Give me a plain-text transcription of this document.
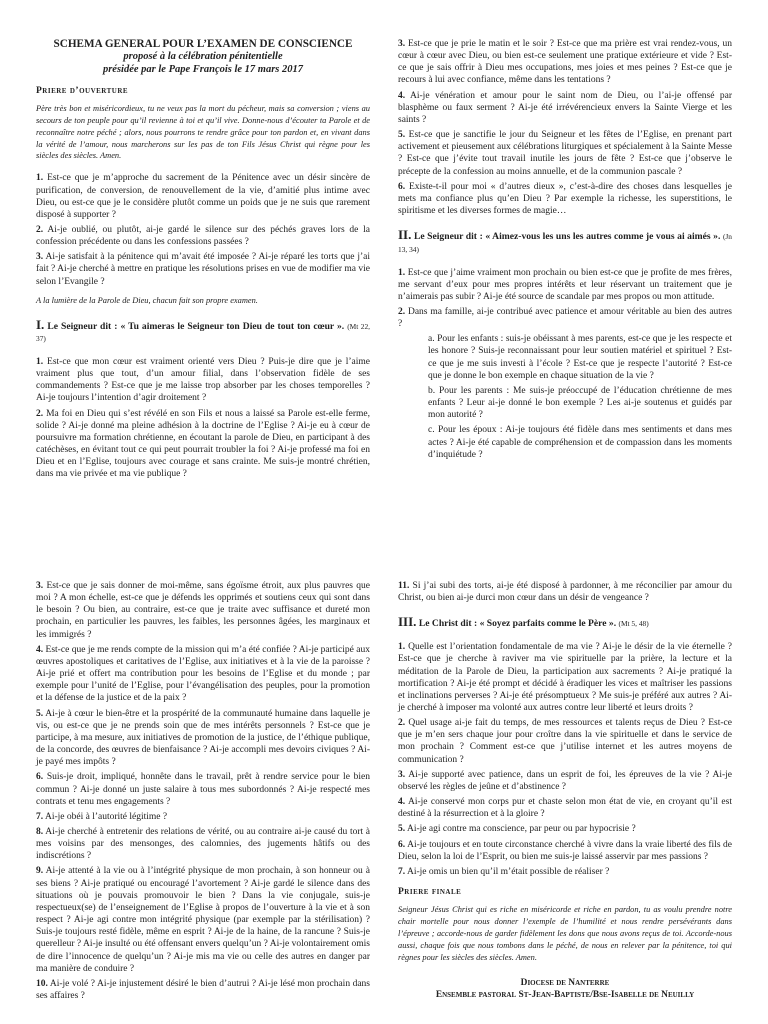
SCHEMA GENERAL POUR L’EXAMEN DE CONSCIENCE
proposé à la célébration pénitentielle
présidée par le Pape François le 17 mars 2017
Priere d’ouverture
Père très bon et miséricordieux, tu ne veux pas la mort du pécheur, mais sa conversion ; viens au secours de ton peuple pour qu’il revienne à toi et qu’il vive. Donne-nous d’écouter ta Parole et de reconnaître notre péché ; alors, nous pourrons te rendre grâce pour ton pardon et, en vivant dans la vérité de l’amour, nous marcherons sur les pas de ton Fils Jésus Christ qui règne pour les siècles des siècles. Amen.

1. Est-ce que je m’approche du sacrement de la Pénitence avec un désir sincère de purification, de conversion, de renouvellement de la vie, d’amitié plus intime avec Dieu, ou est-ce que je le considère plutôt comme un poids que je ne suis que rarement disposé à supporter ?

2. Ai-je oublié, ou plutôt, ai-je gardé le silence sur des péchés graves lors de la confession précédente ou dans les confessions passées ?

3. Ai-je satisfait à la pénitence qui m’avait été imposée ? Ai-je réparé les torts que j’ai fait ? Ai-je cherché à mettre en pratique les résolutions prises en vue de modifier ma vie selon l’Evangile ?

A la lumière de la Parole de Dieu, chacun fait son propre examen.
I. Le Seigneur dit : « Tu aimeras le Seigneur ton Dieu de tout ton cœur ». (Mt 22, 37)

1. Est-ce que mon cœur est vraiment orienté vers Dieu ? Puis-je dire que je l’aime vraiment plus que tout, d’un amour filial, dans l’observation fidèle de ses commandements ? Est-ce que je me laisse trop absorber par les choses temporelles ? Ai-je toujours l’intention d’agir droitement ?

2. Ma foi en Dieu qui s’est révélé en son Fils et nous a laissé sa Parole est-elle ferme, solide ? Ai-je donné ma pleine adhésion à la doctrine de l’Eglise ? Ai-je eu à cœur de poursuivre ma formation chrétienne, en écoutant la parole de Dieu, en participant à des catéchèses, en évitant tout ce qui peut pourrait troubler la foi ? Ai-je professé ma foi en Dieu et en l’Eglise, toujours avec courage et sans crainte. Me suis-je montré chrétien, dans ma vie privée et ma vie publique ?

3. Est-ce que je prie le matin et le soir ? Est-ce que ma prière est vrai rendez-vous, un cœur à cœur avec Dieu, ou bien est-ce seulement une pratique extérieure et vide ? Est-ce que je sais offrir à Dieu mes occupations, mes joies et mes peines ? Est-ce que je recours à lui avec confiance, même dans les tentations ?

4. Ai-je vénération et amour pour le saint nom de Dieu, ou l’ai-je offensé par blasphème ou faux serment ? Ai-je été irrévérencieux envers la Sainte Vierge et les saints ?

5. Est-ce que je sanctifie le jour du Seigneur et les fêtes de l’Eglise, en prenant part activement et pieusement aux célébrations liturgiques et spécialement à la Sainte Messe ? Est-ce que j’évite tout travail inutile les jours de fête ? Est-ce que j’observe le précepte de la confession au moins annuelle, et de la communion pascale ?

6. Existe-t-il pour moi « d’autres dieux », c’est-à-dire des choses dans lesquelles je mets ma confiance plus qu’en Dieu ? Par exemple la richesse, les superstitions, le spiritisme et les diverses formes de magie…

II. Le Seigneur dit : « Aimez-vous les uns les autres comme je vous ai aimés ». (Jn 13, 34)

1. Est-ce que j’aime vraiment mon prochain ou bien est-ce que je profite de mes frères, me servant d’eux pour mes propres intérêts et leur réservant un traitement que je n’aimerais pas subir ? Ai-je été source de scandale par mes propos ou mon attitude.

2. Dans ma famille, ai-je contribué avec patience et amour véritable au bien des autres ?

a. Pour les enfants : suis-je obéissant à mes parents, est-ce que je les respecte et les honore ? Suis-je reconnaissant pour leur soutien matériel et spirituel ? Est-ce que je me suis investi à l’école ? Est-ce que je respecte l’autorité ? Est-ce que je donne le bon exemple en chaque situation de la vie ?

b. Pour les parents : Me suis-je préoccupé de l’éducation chrétienne de mes enfants ? Leur ai-je donné le bon exemple ? Les ai-je soutenus et guidés par mon autorité ?

c. Pour les époux : Ai-je toujours été fidèle dans mes sentiments et dans mes actes ? Ai-je été capable de compréhension et de compassion dans les moments d’inquiétude ?

3. Est-ce que je sais donner de moi-même, sans égoïsme étroit, aux plus pauvres que moi ? A mon échelle, est-ce que je défends les opprimés et soutiens ceux qui sont dans le besoin ? Ou bien, au contraire, est-ce que je traite avec suffisance et dureté mon prochain, en particulier les pauvres, les faibles, les personnes âgées, les marginaux et les immigrés ?

4. Est-ce que je me rends compte de la mission qui m’a été confiée ? Ai-je participé aux œuvres apostoliques et caritatives de l’Eglise, aux initiatives et à la vie de la paroisse ? Ai-je prié et offert ma contribution pour les besoins de l’Eglise et du monde ; par exemple pour l’unité de l’Eglise, pour l’évangélisation des peuples, pour la promotion et la défense de la justice et de la paix ?

5. Ai-je à cœur le bien-être et la prospérité de la communauté humaine dans laquelle je vis, ou est-ce que je ne prends soin que de mes intérêts personnels ? Est-ce que je participe, à ma mesure, aux initiatives de promotion de la justice, de l’éthique publique, de la concorde, des œuvres de bienfaisance ? Ai-je accompli mes devoirs civiques ? Ai-je payé mes impôts ?

6. Suis-je droit, impliqué, honnête dans le travail, prêt à rendre service pour le bien commun ? Ai-je donné un juste salaire à tous mes subordonnés ? Ai-je respecté mes contrats et tenu mes engagements ?

7. Ai-je obéi à l’autorité légitime ?

8. Ai-je cherché à entretenir des relations de vérité, ou au contraire ai-je causé du tort à mes voisins par des mensonges, des calomnies, des jugements hâtifs ou des indiscrétions ?

9. Ai-je attenté à la vie ou à l’intégrité physique de mon prochain, à son honneur ou à ses biens ? Ai-je pratiqué ou encouragé l’avortement ? Ai-je gardé le silence dans des situations où je pouvais promouvoir le bien ? Dans la vie conjugale, suis-je respectueux(se) de l’enseignement de l’Eglise à propos de l’ouverture à la vie et à son respect ? Ai-je agi contre mon intégrité physique (par exemple par la stérilisation) ? Suis-je toujours resté fidèle, même en esprit ? Ai-je de la haine, de la rancune ? Suis-je querelleur ? Ai-je insulté ou été offensant envers quelqu’un ? Ai-je volontairement omis de dire l’innocence de quelqu’un ? Ai-je mis ma vie ou celle des autres en danger par ma manière de conduire ?

10. Ai-je volé ? Ai-je injustement désiré le bien d’autrui ? Ai-je lésé mon prochain dans ses affaires ?

11. Si j’ai subi des torts, ai-je été disposé à pardonner, à me réconcilier par amour du Christ, ou bien ai-je durci mon cœur dans un désir de vengeance ?

III. Le Christ dit : « Soyez parfaits comme le Père ». (Mt 5, 48)

1. Quelle est l’orientation fondamentale de ma vie ? Ai-je le désir de la vie éternelle ? Est-ce que je cherche à raviver ma vie spirituelle par la prière, la lecture et la méditation de la Parole de Dieu, la participation aux sacrements ? Ai-je pratiqué la mortification ? Ai-je été prompt et décidé à éradiquer les vices et maîtriser les passions et inclinations perverses ? Ai-je été présomptueux ? Me suis-je préféré aux autres ? Ai-je cherché à imposer ma volonté aux autres contre leur liberté et leurs droits ?

2. Quel usage ai-je fait du temps, de mes ressources et talents reçus de Dieu ? Est-ce que je m’en sers chaque jour pour croître dans la vie spirituelle et dans le service de mon prochain ? Comment est-ce que j’utilise internet et les autres moyens de communication ?

3. Ai-je supporté avec patience, dans un esprit de foi, les épreuves de la vie ? Ai-je observé les règles de jeûne et d’abstinence ?

4. Ai-je conservé mon corps pur et chaste selon mon état de vie, en croyant qu’il est destiné à la résurrection et à la gloire ?

5. Ai-je agi contre ma conscience, par peur ou par hypocrisie ?

6. Ai-je toujours et en toute circonstance cherché à vivre dans la vraie liberté des fils de Dieu, selon la loi de l’Esprit, ou bien me suis-je laissé asservir par mes passions ?

7. Ai-je omis un bien qu’il m’était possible de réaliser ?

Priere finale
Seigneur Jésus Christ qui es riche en miséricorde et riche en pardon, tu as voulu prendre notre chair mortelle pour nous donner l’exemple de l’humilité et nous rendre persévérants dans l’épreuve ; accorde-nous de garder fidèlement les dons que nous avons reçus de toi. Accorde-nous aussi, chaque fois que nous tombons dans le péché, de nous en relever par la pénitence, toi qui règnes pour les siècles des siècles. Amen.
Diocese de Nanterre
Ensemble pastoral St-Jean-Baptiste/Bse-Isabelle de Neuilly
